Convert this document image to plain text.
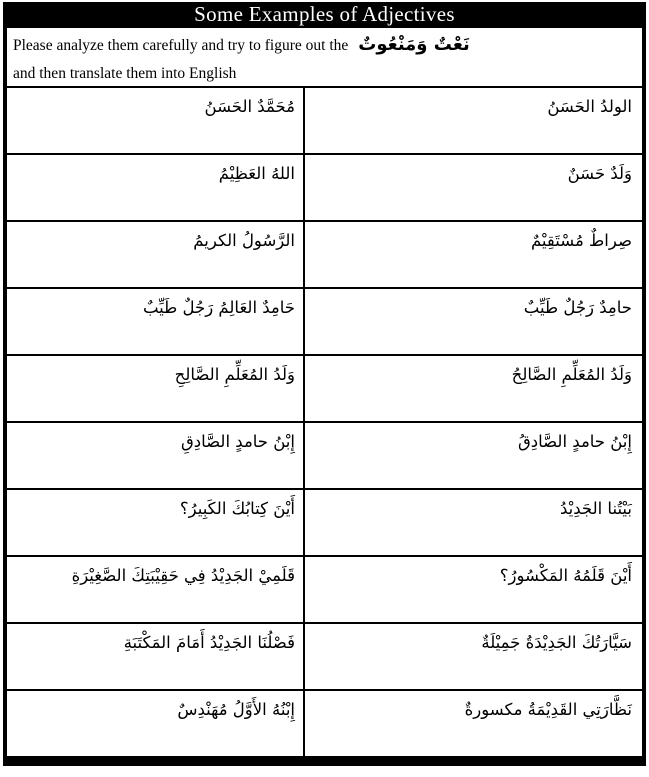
Some Examples of Adjectives
Please analyze them carefully and try to figure out the نَعْتٌ وَمَنْعُوتٌ
and then translate them into English
مُحَمَّدٌ الحَسَنُ	الولدُ الحَسَنُ
اللهُ العَظِيْمُ	وَلَدٌ حَسَنٌ
الرَّسُولُ الكريمُ	صِراطٌ مُسْتَقِيْمٌ
حَامِدٌ العَالِمُ رَجُلٌ طَيِّبٌ	حامِدٌ رَجُلٌ طَيِّبٌ
وَلَدُ المُعَلِّمِ الصَّالِحِ	وَلَدُ المُعَلِّمِ الصَّالِحُ
إِبْنُ حامدٍ الصَّادِقِ	إِبْنُ حامدٍ الصَّادِقُ
أَيْنَ كِتابُكَ الكَبِيرُ؟	بَيْتُنا الجَدِيْدُ
قَلَمِيْ الجَدِيْدُ فِي حَقِيْبَتِكَ الصَّغِيْرَةِ	أَيْنَ قَلَمُهُ المَكْسُورُ؟
فَصْلُنَا الجَدِيْدُ أَمَامَ المَكْتَبَةِ	سَيَّارَتُكَ الجَدِيْدَةُ جَمِيْلَةٌ
إِبْنُهُ الأَوَّلُ مُهَنْدِسٌ	نَظَّارَتِي القَدِيْمَةُ مكسورةٌ
